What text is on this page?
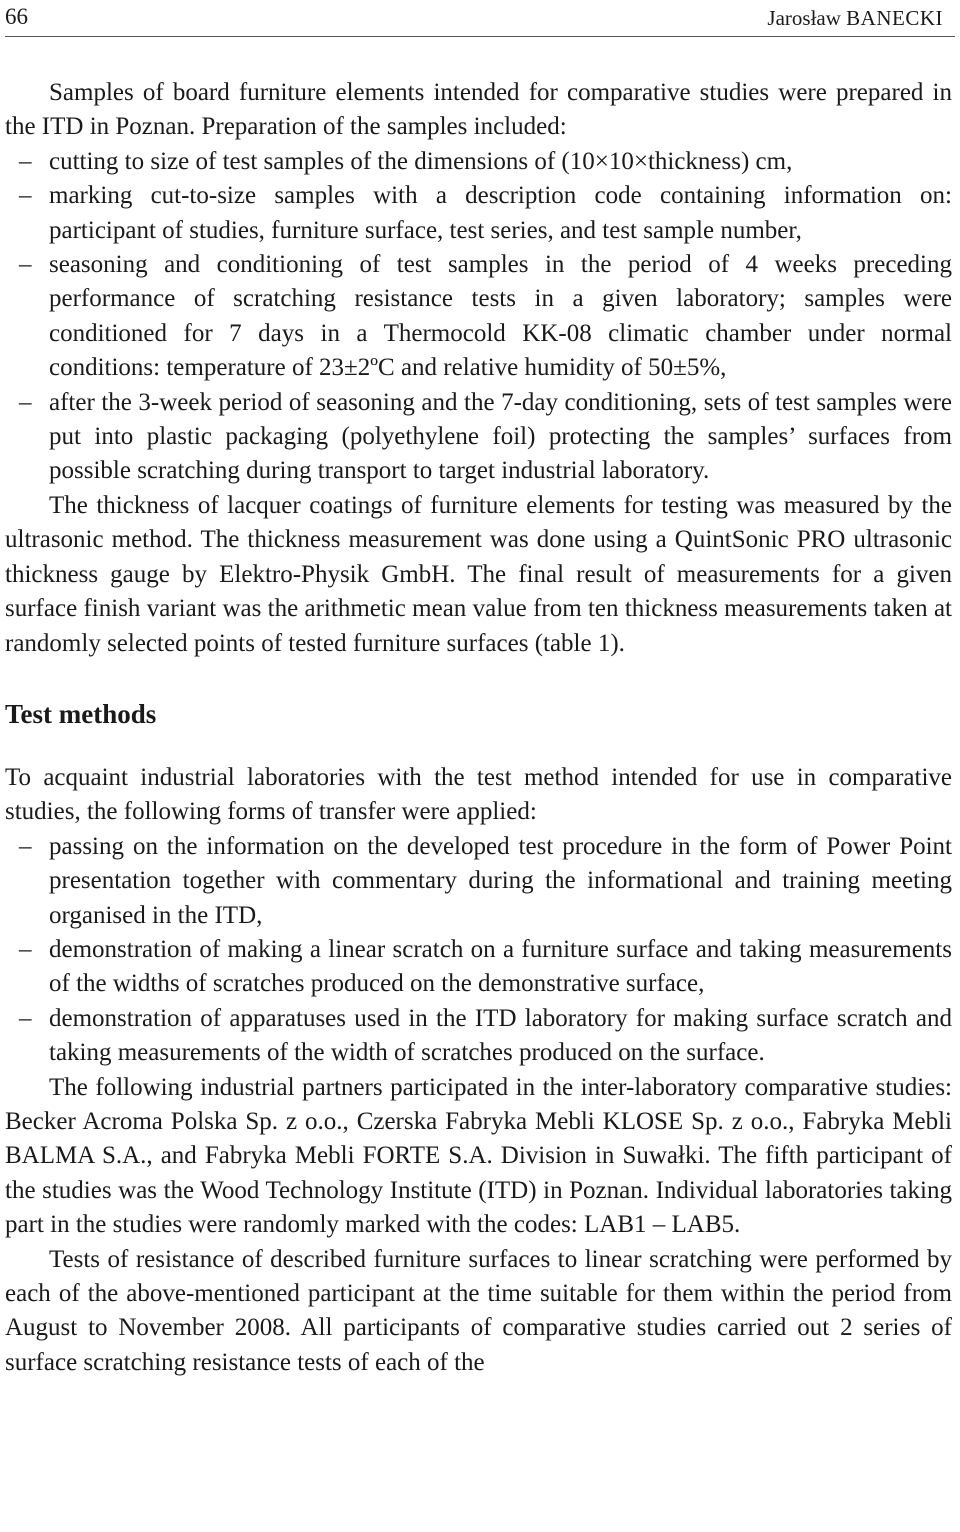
66	Jarosław BANECKI

Samples of board furniture elements intended for comparative studies were prepared in the ITD in Poznan. Preparation of the samples included:

– cutting to size of test samples of the dimensions of (10×10×thickness) cm,
– marking cut-to-size samples with a description code containing information on: participant of studies, furniture surface, test series, and test sample number,
– seasoning and conditioning of test samples in the period of 4 weeks preceding performance of scratching resistance tests in a given laboratory; samples were conditioned for 7 days in a Thermocold KK-08 climatic chamber under normal conditions: temperature of 23±2ºC and relative humidity of 50±5%,
– after the 3-week period of seasoning and the 7-day conditioning, sets of test samples were put into plastic packaging (polyethylene foil) protecting the samples’ surfaces from possible scratching during transport to target industrial laboratory.

The thickness of lacquer coatings of furniture elements for testing was measured by the ultrasonic method. The thickness measurement was done using a QuintSonic PRO ultrasonic thickness gauge by Elektro-Physik GmbH. The final result of measurements for a given surface finish variant was the arithmetic mean value from ten thickness measurements taken at randomly selected points of tested furniture surfaces (table 1).

Test methods

To acquaint industrial laboratories with the test method intended for use in comparative studies, the following forms of transfer were applied:

– passing on the information on the developed test procedure in the form of Power Point presentation together with commentary during the informational and training meeting organised in the ITD,
– demonstration of making a linear scratch on a furniture surface and taking measurements of the widths of scratches produced on the demonstrative surface,
– demonstration of apparatuses used in the ITD laboratory for making surface scratch and taking measurements of the width of scratches produced on the surface.

The following industrial partners participated in the inter-laboratory comparative studies: Becker Acroma Polska Sp. z o.o., Czerska Fabryka Mebli KLOSE Sp. z o.o., Fabryka Mebli BALMA S.A., and Fabryka Mebli FORTE S.A. Division in Suwałki. The fifth participant of the studies was the Wood Technology Institute (ITD) in Poznan. Individual laboratories taking part in the studies were randomly marked with the codes: LAB1 – LAB5.

Tests of resistance of described furniture surfaces to linear scratching were performed by each of the above-mentioned participant at the time suitable for them within the period from August to November 2008. All participants of comparative studies carried out 2 series of surface scratching resistance tests of each of the
